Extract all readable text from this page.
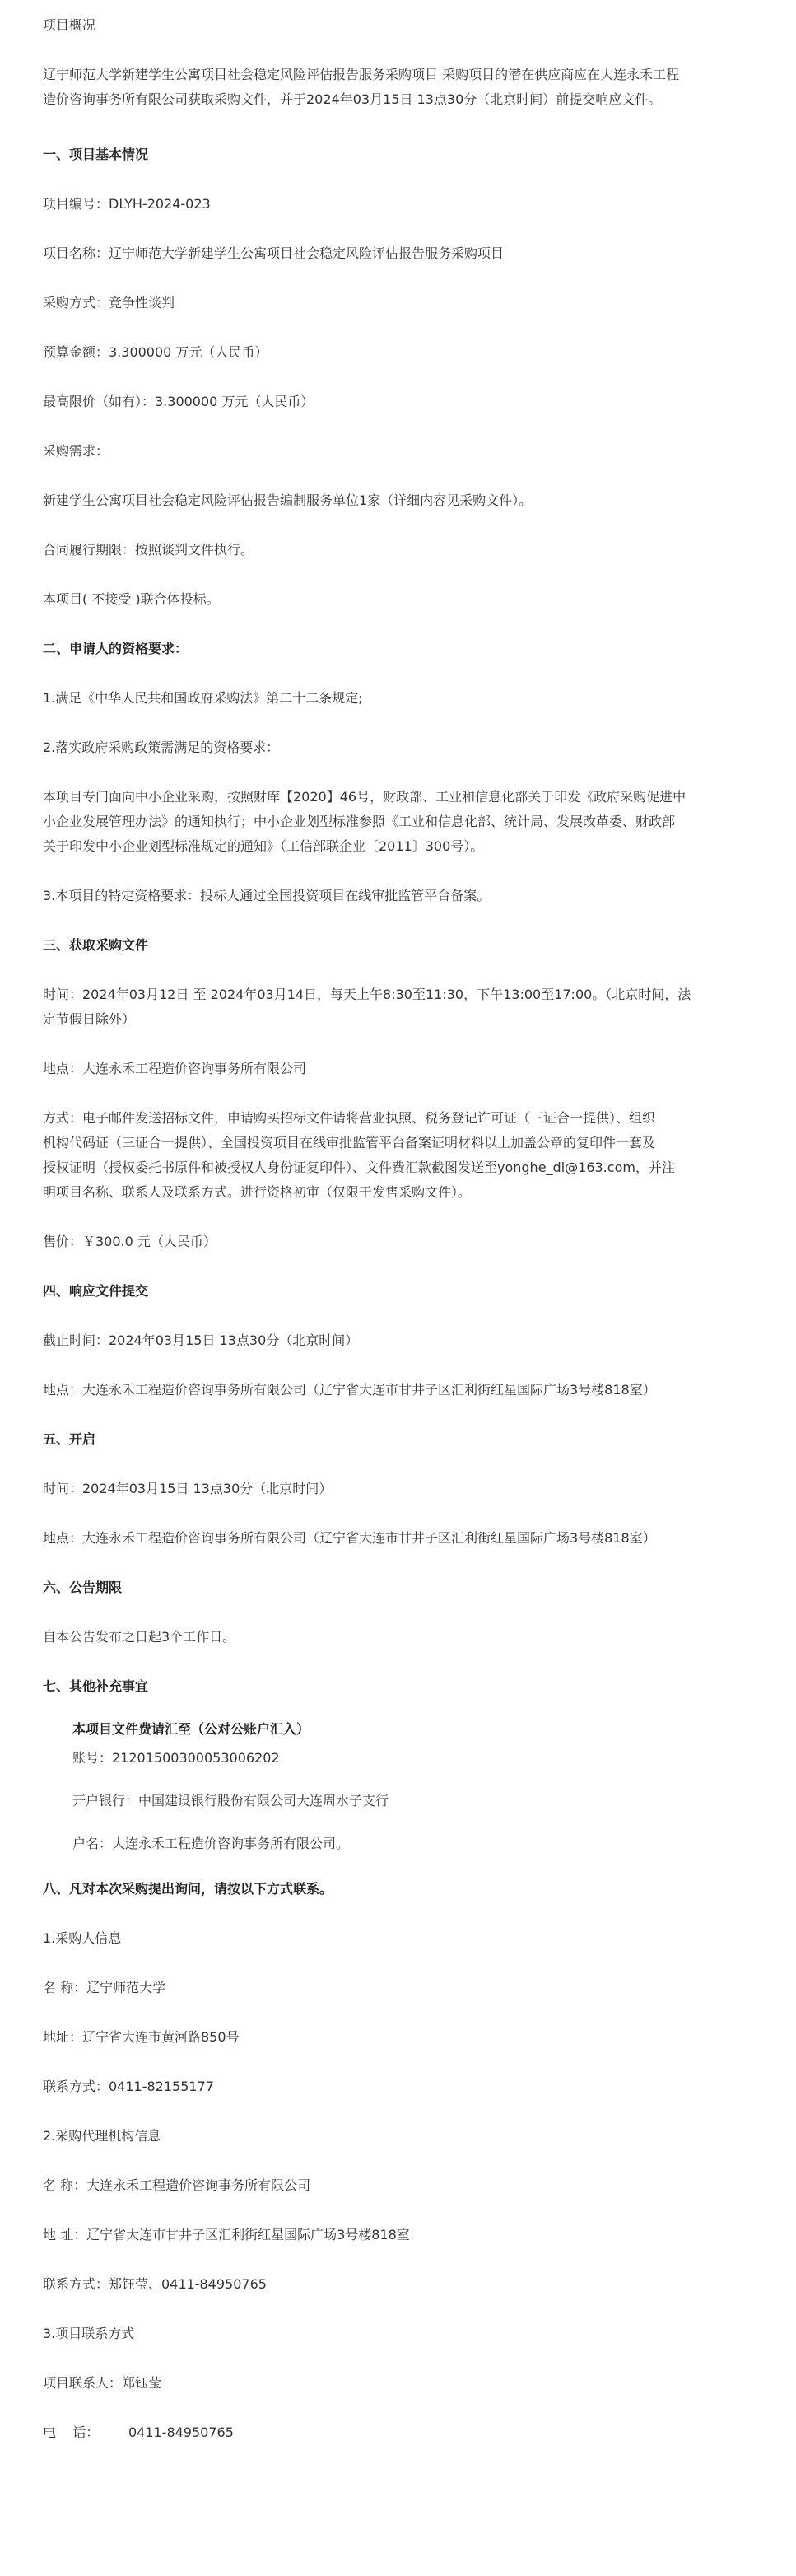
项目概况
辽宁师范大学新建学生公寓项目社会稳定风险评估报告服务采购项目 采购项目的潜在供应商应在大连永禾工程
造价咨询事务所有限公司获取采购文件，并于2024年03月15日 13点30分（北京时间）前提交响应文件。
一、项目基本情况
项目编号：DLYH-2024-023
项目名称：辽宁师范大学新建学生公寓项目社会稳定风险评估报告服务采购项目
采购方式：竞争性谈判
预算金额：3.300000 万元（人民币）
最高限价（如有）：3.300000 万元（人民币）
采购需求：
新建学生公寓项目社会稳定风险评估报告编制服务单位1家（详细内容见采购文件）。
合同履行期限：按照谈判文件执行。
本项目( 不接受 )联合体投标。
二、申请人的资格要求：
1.满足《中华人民共和国政府采购法》第二十二条规定;
2.落实政府采购政策需满足的资格要求：
本项目专门面向中小企业采购，按照财库【2020】46号，财政部、工业和信息化部关于印发《政府采购促进中
小企业发展管理办法》的通知执行；中小企业划型标准参照《工业和信息化部、统计局、发展改革委、财政部
关于印发中小企业划型标准规定的通知》（工信部联企业〔2011〕300号）。
3.本项目的特定资格要求：投标人通过全国投资项目在线审批监管平台备案。
三、获取采购文件
时间：2024年03月12日 至 2024年03月14日，每天上午8:30至11:30，下午13:00至17:00。（北京时间，法
定节假日除外）
地点：大连永禾工程造价咨询事务所有限公司
方式：电子邮件发送招标文件，申请购买招标文件请将营业执照、税务登记许可证（三证合一提供）、组织
机构代码证（三证合一提供）、全国投资项目在线审批监管平台备案证明材料以上加盖公章的复印件一套及
授权证明（授权委托书原件和被授权人身份证复印件）、文件费汇款截图发送至yonghe_dl@163.com，并注
明项目名称、联系人及联系方式。进行资格初审（仅限于发售采购文件）。
售价：￥300.0 元（人民币）
四、响应文件提交
截止时间：2024年03月15日 13点30分（北京时间）
地点：大连永禾工程造价咨询事务所有限公司（辽宁省大连市甘井子区汇利街红星国际广场3号楼818室）
五、开启
时间：2024年03月15日 13点30分（北京时间）
地点：大连永禾工程造价咨询事务所有限公司（辽宁省大连市甘井子区汇利街红星国际广场3号楼818室）
六、公告期限
自本公告发布之日起3个工作日。
七、其他补充事宜
本项目文件费请汇至（公对公账户汇入）
账号：21201500300053006202
开户银行：中国建设银行股份有限公司大连周水子支行
户名：大连永禾工程造价咨询事务所有限公司。
八、凡对本次采购提出询问，请按以下方式联系。
1.采购人信息
名 称：辽宁师范大学
地址：辽宁省大连市黄河路850号
联系方式：0411-82155177
2.采购代理机构信息
名 称：大连永禾工程造价咨询事务所有限公司
地 址：辽宁省大连市甘井子区汇利街红星国际广场3号楼818室
联系方式：郑钰莹、0411-84950765
3.项目联系方式
项目联系人：郑钰莹
电    话：       0411-84950765
